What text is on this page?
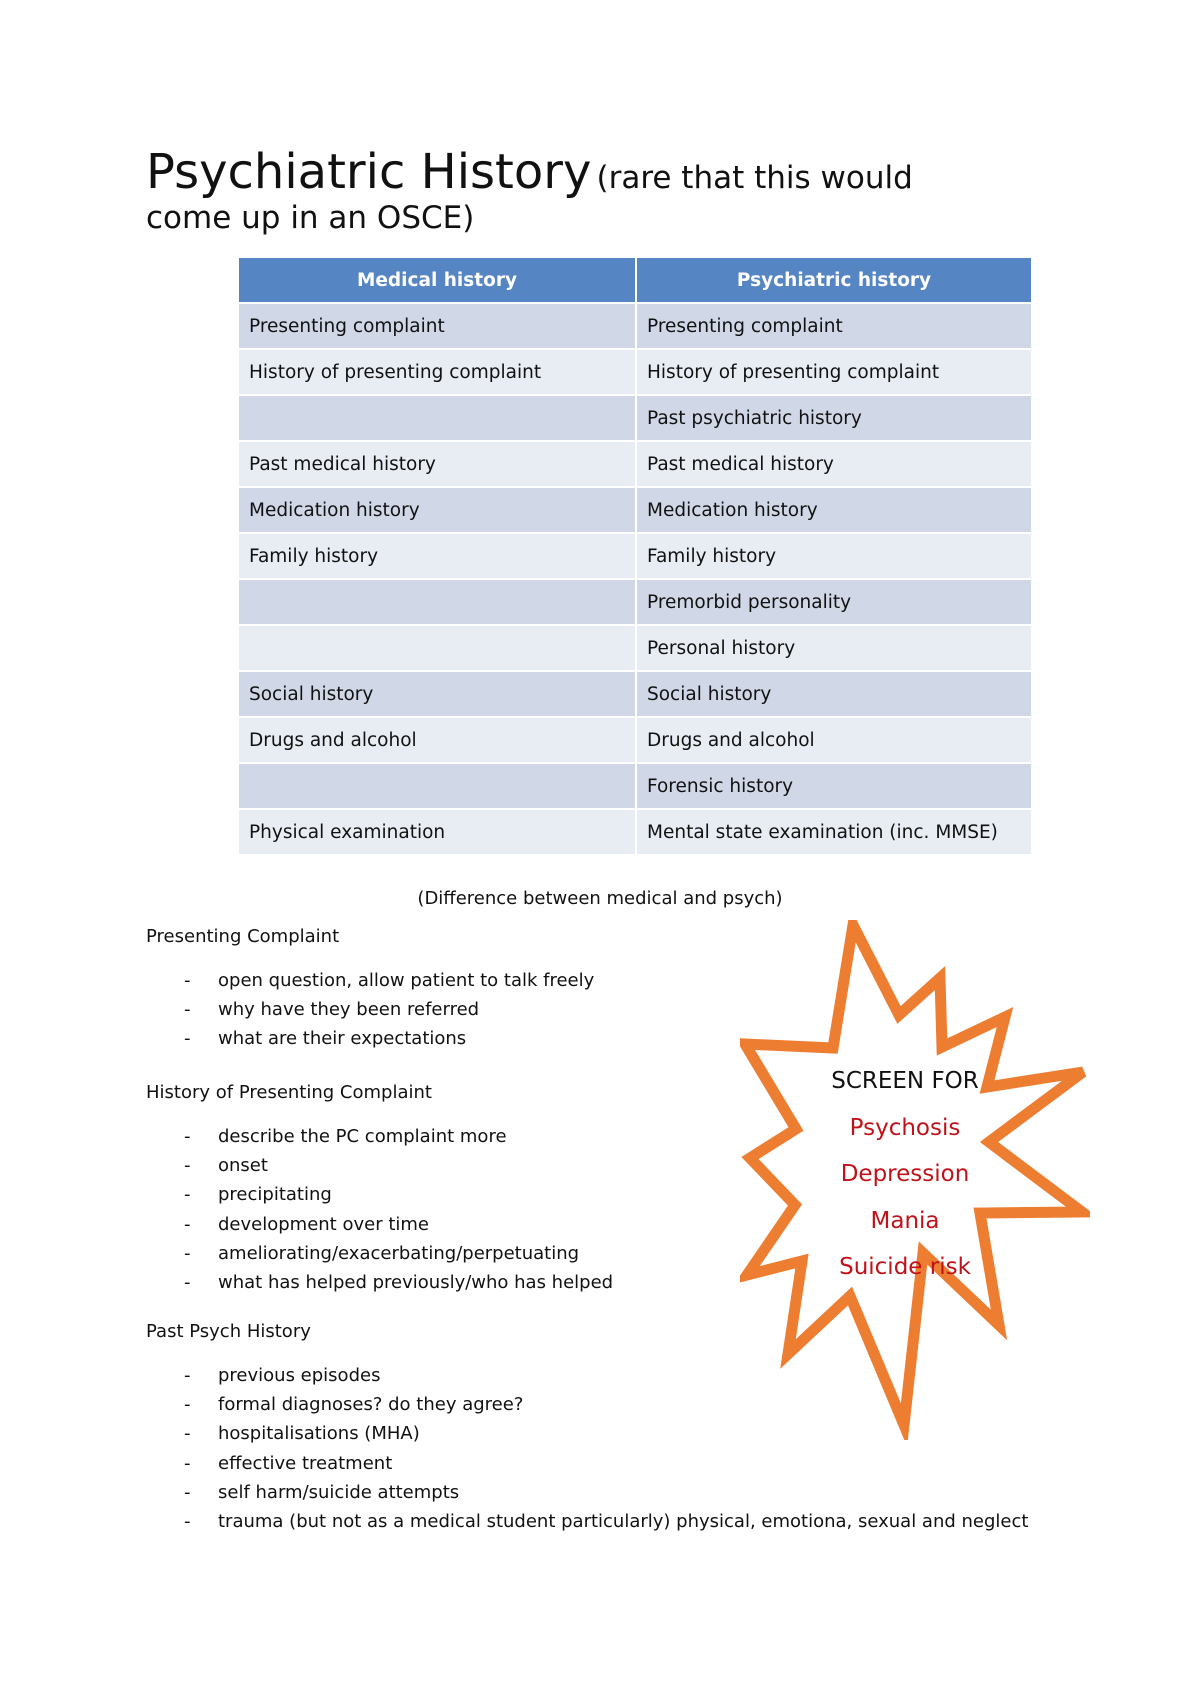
Psychiatric History (rare that this would
come up in an OSCE)
Medical history	Psychiatric history
Presenting complaint	Presenting complaint
History of presenting complaint	History of presenting complaint
	Past psychiatric history
Past medical history	Past medical history
Medication history	Medication history
Family history	Family history
	Premorbid personality
	Personal history
Social history	Social history
Drugs and alcohol	Drugs and alcohol
	Forensic history
Physical examination	Mental state examination (inc. MMSE)
(Difference between medical and psych)
Presenting Complaint
- open question, allow patient to talk freely
- why have they been referred
- what are their expectations
History of Presenting Complaint
- describe the PC complaint more
- onset
- precipitating
- development over time
- ameliorating/exacerbating/perpetuating
- what has helped previously/who has helped
Past Psych History
- previous episodes
- formal diagnoses? do they agree?
- hospitalisations (MHA)
- effective treatment
- self harm/suicide attempts
- trauma (but not as a medical student particularly) physical, emotiona, sexual and neglect
SCREEN FOR
Psychosis
Depression
Mania
Suicide risk
